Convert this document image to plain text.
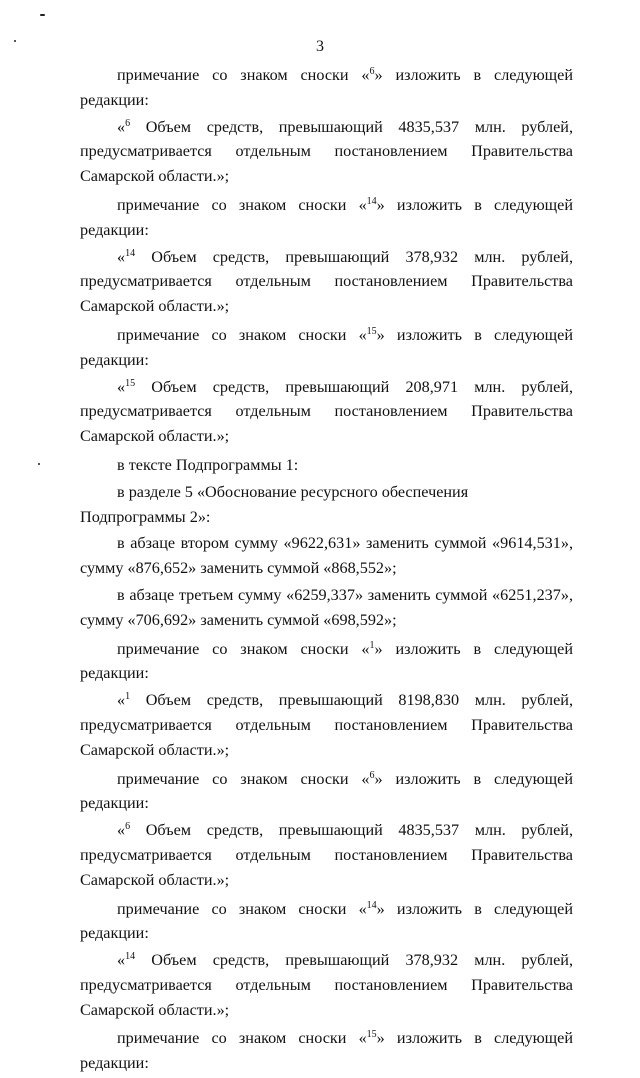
3

примечание со знаком сноски «$^6$» изложить в следующей редакции:

«$^6$ Объем средств, превышающий 4835,537 млн. рублей, предусматривается отдельным постановлением Правительства Самарской области.»;

примечание со знаком сноски «$^{14}$» изложить в следующей редакции:

«$^{14}$ Объем средств, превышающий 378,932 млн. рублей, предусматривается отдельным постановлением Правительства Самарской области.»;

примечание со знаком сноски «$^{15}$» изложить в следующей редакции:

«$^{15}$ Объем средств, превышающий 208,971 млн. рублей, предусматривается отдельным постановлением Правительства Самарской области.»;

в тексте Подпрограммы 1:

в разделе 5 «Обоснование ресурсного обеспечения Подпрограммы 2»:

в абзаце втором сумму «9622,631» заменить суммой «9614,531», сумму «876,652» заменить суммой «868,552»;

в абзаце третьем сумму «6259,337» заменить суммой «6251,237», сумму «706,692» заменить суммой «698,592»;

примечание со знаком сноски «$^1$» изложить в следующей редакции:

«$^1$ Объем средств, превышающий 8198,830 млн. рублей, предусматривается отдельным постановлением Правительства Самарской области.»;

примечание со знаком сноски «$^6$» изложить в следующей редакции:

«$^6$ Объем средств, превышающий 4835,537 млн. рублей, предусматривается отдельным постановлением Правительства Самарской области.»;

примечание со знаком сноски «$^{14}$» изложить в следующей редакции:

«$^{14}$ Объем средств, превышающий 378,932 млн. рублей, предусматривается отдельным постановлением Правительства Самарской области.»;

примечание со знаком сноски «$^{15}$» изложить в следующей редакции:
